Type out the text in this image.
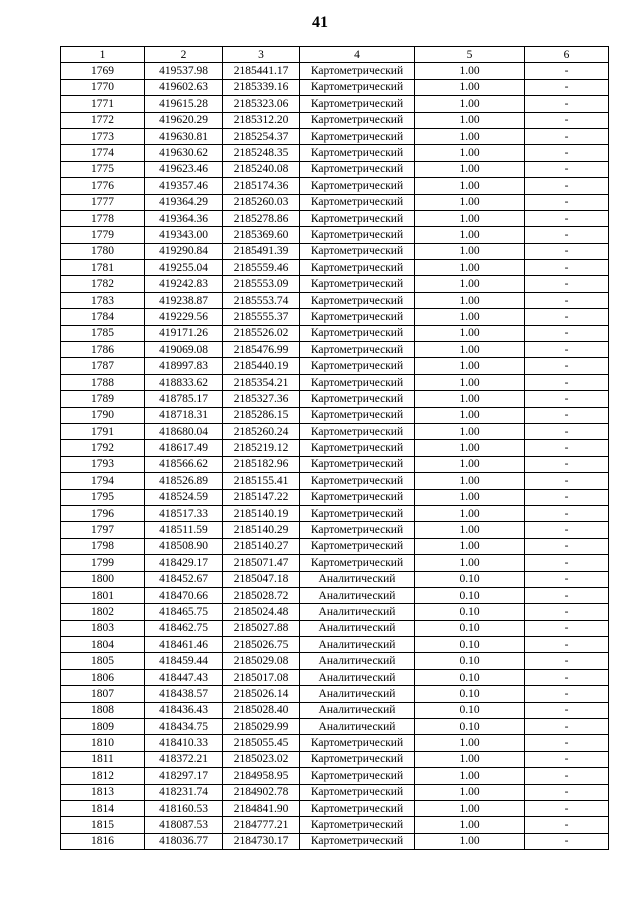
41
1	2	3	4	5	6
1769	419537.98	2185441.17	Картометрический	1.00	-
1770	419602.63	2185339.16	Картометрический	1.00	-
1771	419615.28	2185323.06	Картометрический	1.00	-
1772	419620.29	2185312.20	Картометрический	1.00	-
1773	419630.81	2185254.37	Картометрический	1.00	-
1774	419630.62	2185248.35	Картометрический	1.00	-
1775	419623.46	2185240.08	Картометрический	1.00	-
1776	419357.46	2185174.36	Картометрический	1.00	-
1777	419364.29	2185260.03	Картометрический	1.00	-
1778	419364.36	2185278.86	Картометрический	1.00	-
1779	419343.00	2185369.60	Картометрический	1.00	-
1780	419290.84	2185491.39	Картометрический	1.00	-
1781	419255.04	2185559.46	Картометрический	1.00	-
1782	419242.83	2185553.09	Картометрический	1.00	-
1783	419238.87	2185553.74	Картометрический	1.00	-
1784	419229.56	2185555.37	Картометрический	1.00	-
1785	419171.26	2185526.02	Картометрический	1.00	-
1786	419069.08	2185476.99	Картометрический	1.00	-
1787	418997.83	2185440.19	Картометрический	1.00	-
1788	418833.62	2185354.21	Картометрический	1.00	-
1789	418785.17	2185327.36	Картометрический	1.00	-
1790	418718.31	2185286.15	Картометрический	1.00	-
1791	418680.04	2185260.24	Картометрический	1.00	-
1792	418617.49	2185219.12	Картометрический	1.00	-
1793	418566.62	2185182.96	Картометрический	1.00	-
1794	418526.89	2185155.41	Картометрический	1.00	-
1795	418524.59	2185147.22	Картометрический	1.00	-
1796	418517.33	2185140.19	Картометрический	1.00	-
1797	418511.59	2185140.29	Картометрический	1.00	-
1798	418508.90	2185140.27	Картометрический	1.00	-
1799	418429.17	2185071.47	Картометрический	1.00	-
1800	418452.67	2185047.18	Аналитический	0.10	-
1801	418470.66	2185028.72	Аналитический	0.10	-
1802	418465.75	2185024.48	Аналитический	0.10	-
1803	418462.75	2185027.88	Аналитический	0.10	-
1804	418461.46	2185026.75	Аналитический	0.10	-
1805	418459.44	2185029.08	Аналитический	0.10	-
1806	418447.43	2185017.08	Аналитический	0.10	-
1807	418438.57	2185026.14	Аналитический	0.10	-
1808	418436.43	2185028.40	Аналитический	0.10	-
1809	418434.75	2185029.99	Аналитический	0.10	-
1810	418410.33	2185055.45	Картометрический	1.00	-
1811	418372.21	2185023.02	Картометрический	1.00	-
1812	418297.17	2184958.95	Картометрический	1.00	-
1813	418231.74	2184902.78	Картометрический	1.00	-
1814	418160.53	2184841.90	Картометрический	1.00	-
1815	418087.53	2184777.21	Картометрический	1.00	-
1816	418036.77	2184730.17	Картометрический	1.00	-
